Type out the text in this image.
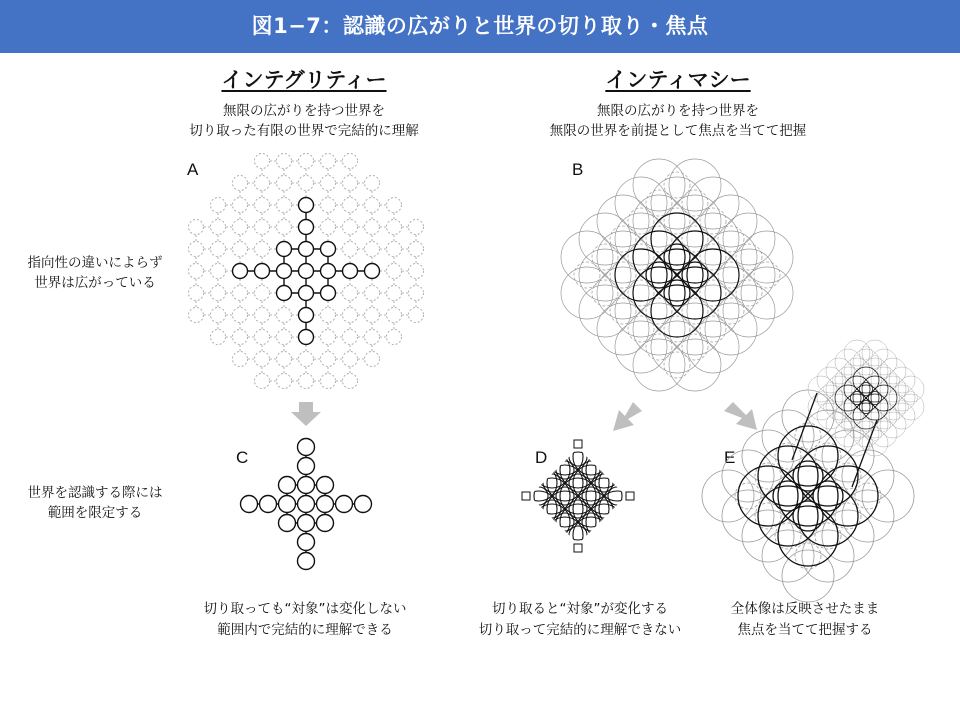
図1−7：認識の広がりと世界の切り取り・焦点
インテグリティー
無限の広がりを持つ世界を
切り取った有限の世界で完結的に理解
インティマシー
無限の広がりを持つ世界を
無限の世界を前提として焦点を当てて把握
指向性の違いによらず
世界は広がっている
世界を認識する際には
範囲を限定する
A	B
C	D	E
切り取っても“対象”は変化しない
範囲内で完結的に理解できる
切り取ると“対象”が変化する
切り取って完結的に理解できない
全体像は反映させたまま
焦点を当てて把握する
